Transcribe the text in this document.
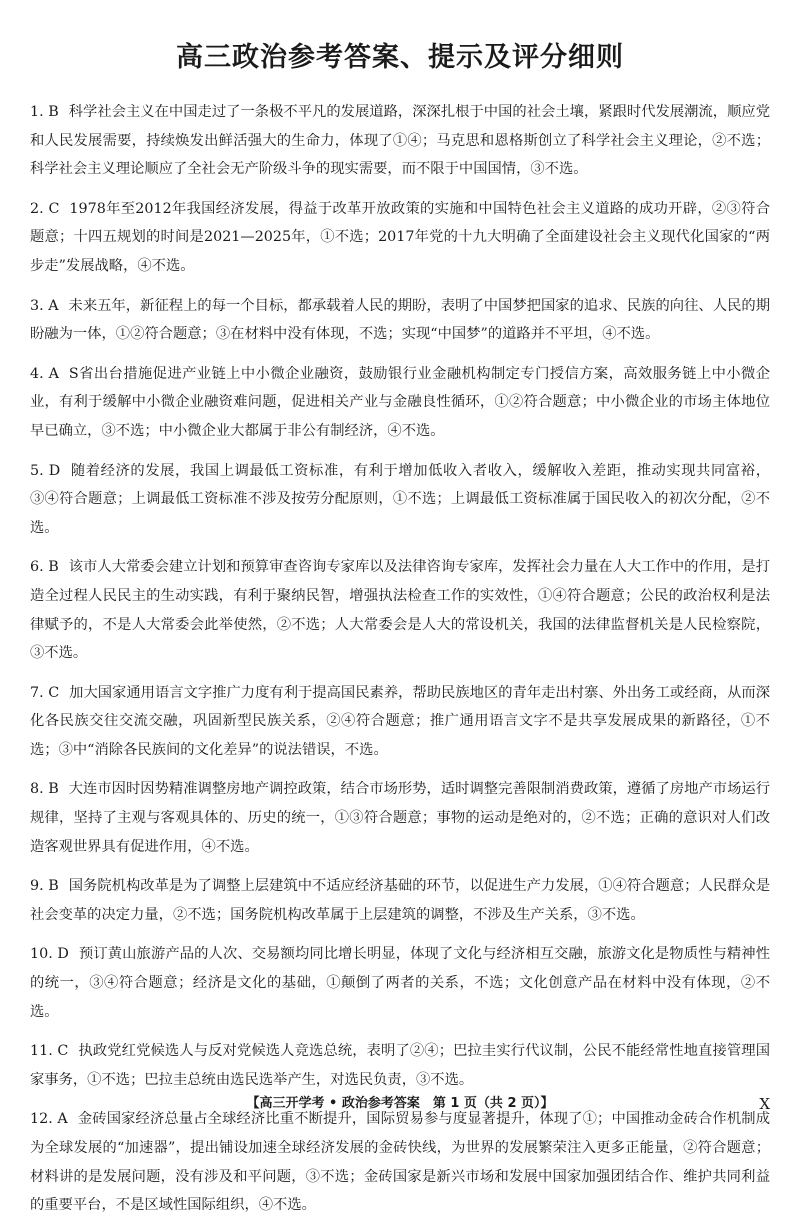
高三政治参考答案、提示及评分细则
1. B 科学社会主义在中国走过了一条极不平凡的发展道路，深深扎根于中国的社会土壤，紧跟时代发展潮流，顺应党和人民发展需要，持续焕发出鲜活强大的生命力，体现了①④；马克思和恩格斯创立了科学社会主义理论，②不选；科学社会主义理论顺应了全社会无产阶级斗争的现实需要，而不限于中国国情，③不选。
2. C 1978年至2012年我国经济发展，得益于改革开放政策的实施和中国特色社会主义道路的成功开辟，②③符合题意；十四五规划的时间是2021—2025年，①不选；2017年党的十九大明确了全面建设社会主义现代化国家的“两步走”发展战略，④不选。
3. A 未来五年，新征程上的每一个目标，都承载着人民的期盼，表明了中国梦把国家的追求、民族的向往、人民的期盼融为一体，①②符合题意；③在材料中没有体现，不选；实现“中国梦”的道路并不平坦，④不选。
4. A S省出台措施促进产业链上中小微企业融资，鼓励银行业金融机构制定专门授信方案，高效服务链上中小微企业，有利于缓解中小微企业融资难问题，促进相关产业与金融良性循环，①②符合题意；中小微企业的市场主体地位早已确立，③不选；中小微企业大都属于非公有制经济，④不选。
5. D 随着经济的发展，我国上调最低工资标准，有利于增加低收入者收入，缓解收入差距，推动实现共同富裕，③④符合题意；上调最低工资标准不涉及按劳分配原则，①不选；上调最低工资标准属于国民收入的初次分配，②不选。
6. B 该市人大常委会建立计划和预算审查咨询专家库以及法律咨询专家库，发挥社会力量在人大工作中的作用，是打造全过程人民民主的生动实践，有利于聚纳民智，增强执法检查工作的实效性，①④符合题意；公民的政治权利是法律赋予的，不是人大常委会此举使然，②不选；人大常委会是人大的常设机关，我国的法律监督机关是人民检察院，③不选。
7. C 加大国家通用语言文字推广力度有利于提高国民素养，帮助民族地区的青年走出村寨、外出务工或经商，从而深化各民族交往交流交融，巩固新型民族关系，②④符合题意；推广通用语言文字不是共享发展成果的新路径，①不选；③中“消除各民族间的文化差异”的说法错误，不选。
8. B 大连市因时因势精准调整房地产调控政策，结合市场形势，适时调整完善限制消费政策，遵循了房地产市场运行规律，坚持了主观与客观具体的、历史的统一，①③符合题意；事物的运动是绝对的，②不选；正确的意识对人们改造客观世界具有促进作用，④不选。
9. B 国务院机构改革是为了调整上层建筑中不适应经济基础的环节，以促进生产力发展，①④符合题意；人民群众是社会变革的决定力量，②不选；国务院机构改革属于上层建筑的调整，不涉及生产关系，③不选。
10. D 预订黄山旅游产品的人次、交易额均同比增长明显，体现了文化与经济相互交融，旅游文化是物质性与精神性的统一，③④符合题意；经济是文化的基础，①颠倒了两者的关系，不选；文化创意产品在材料中没有体现，②不选。
11. C 执政党红党候选人与反对党候选人竞选总统，表明了②④；巴拉圭实行代议制，公民不能经常性地直接管理国家事务，①不选；巴拉圭总统由选民选举产生，对选民负责，③不选。
12. A 金砖国家经济总量占全球经济比重不断提升，国际贸易参与度显著提升，体现了①；中国推动金砖合作机制成为全球发展的“加速器”，提出铺设加速全球经济发展的金砖快线，为世界的发展繁荣注入更多正能量，②符合题意；材料讲的是发展问题，没有涉及和平问题，③不选；金砖国家是新兴市场和发展中国家加强团结合作、维护共同利益的重要平台，不是区域性国际组织，④不选。
【高三开学考 • 政治参考答案　第 1 页（共 2 页）】	X
